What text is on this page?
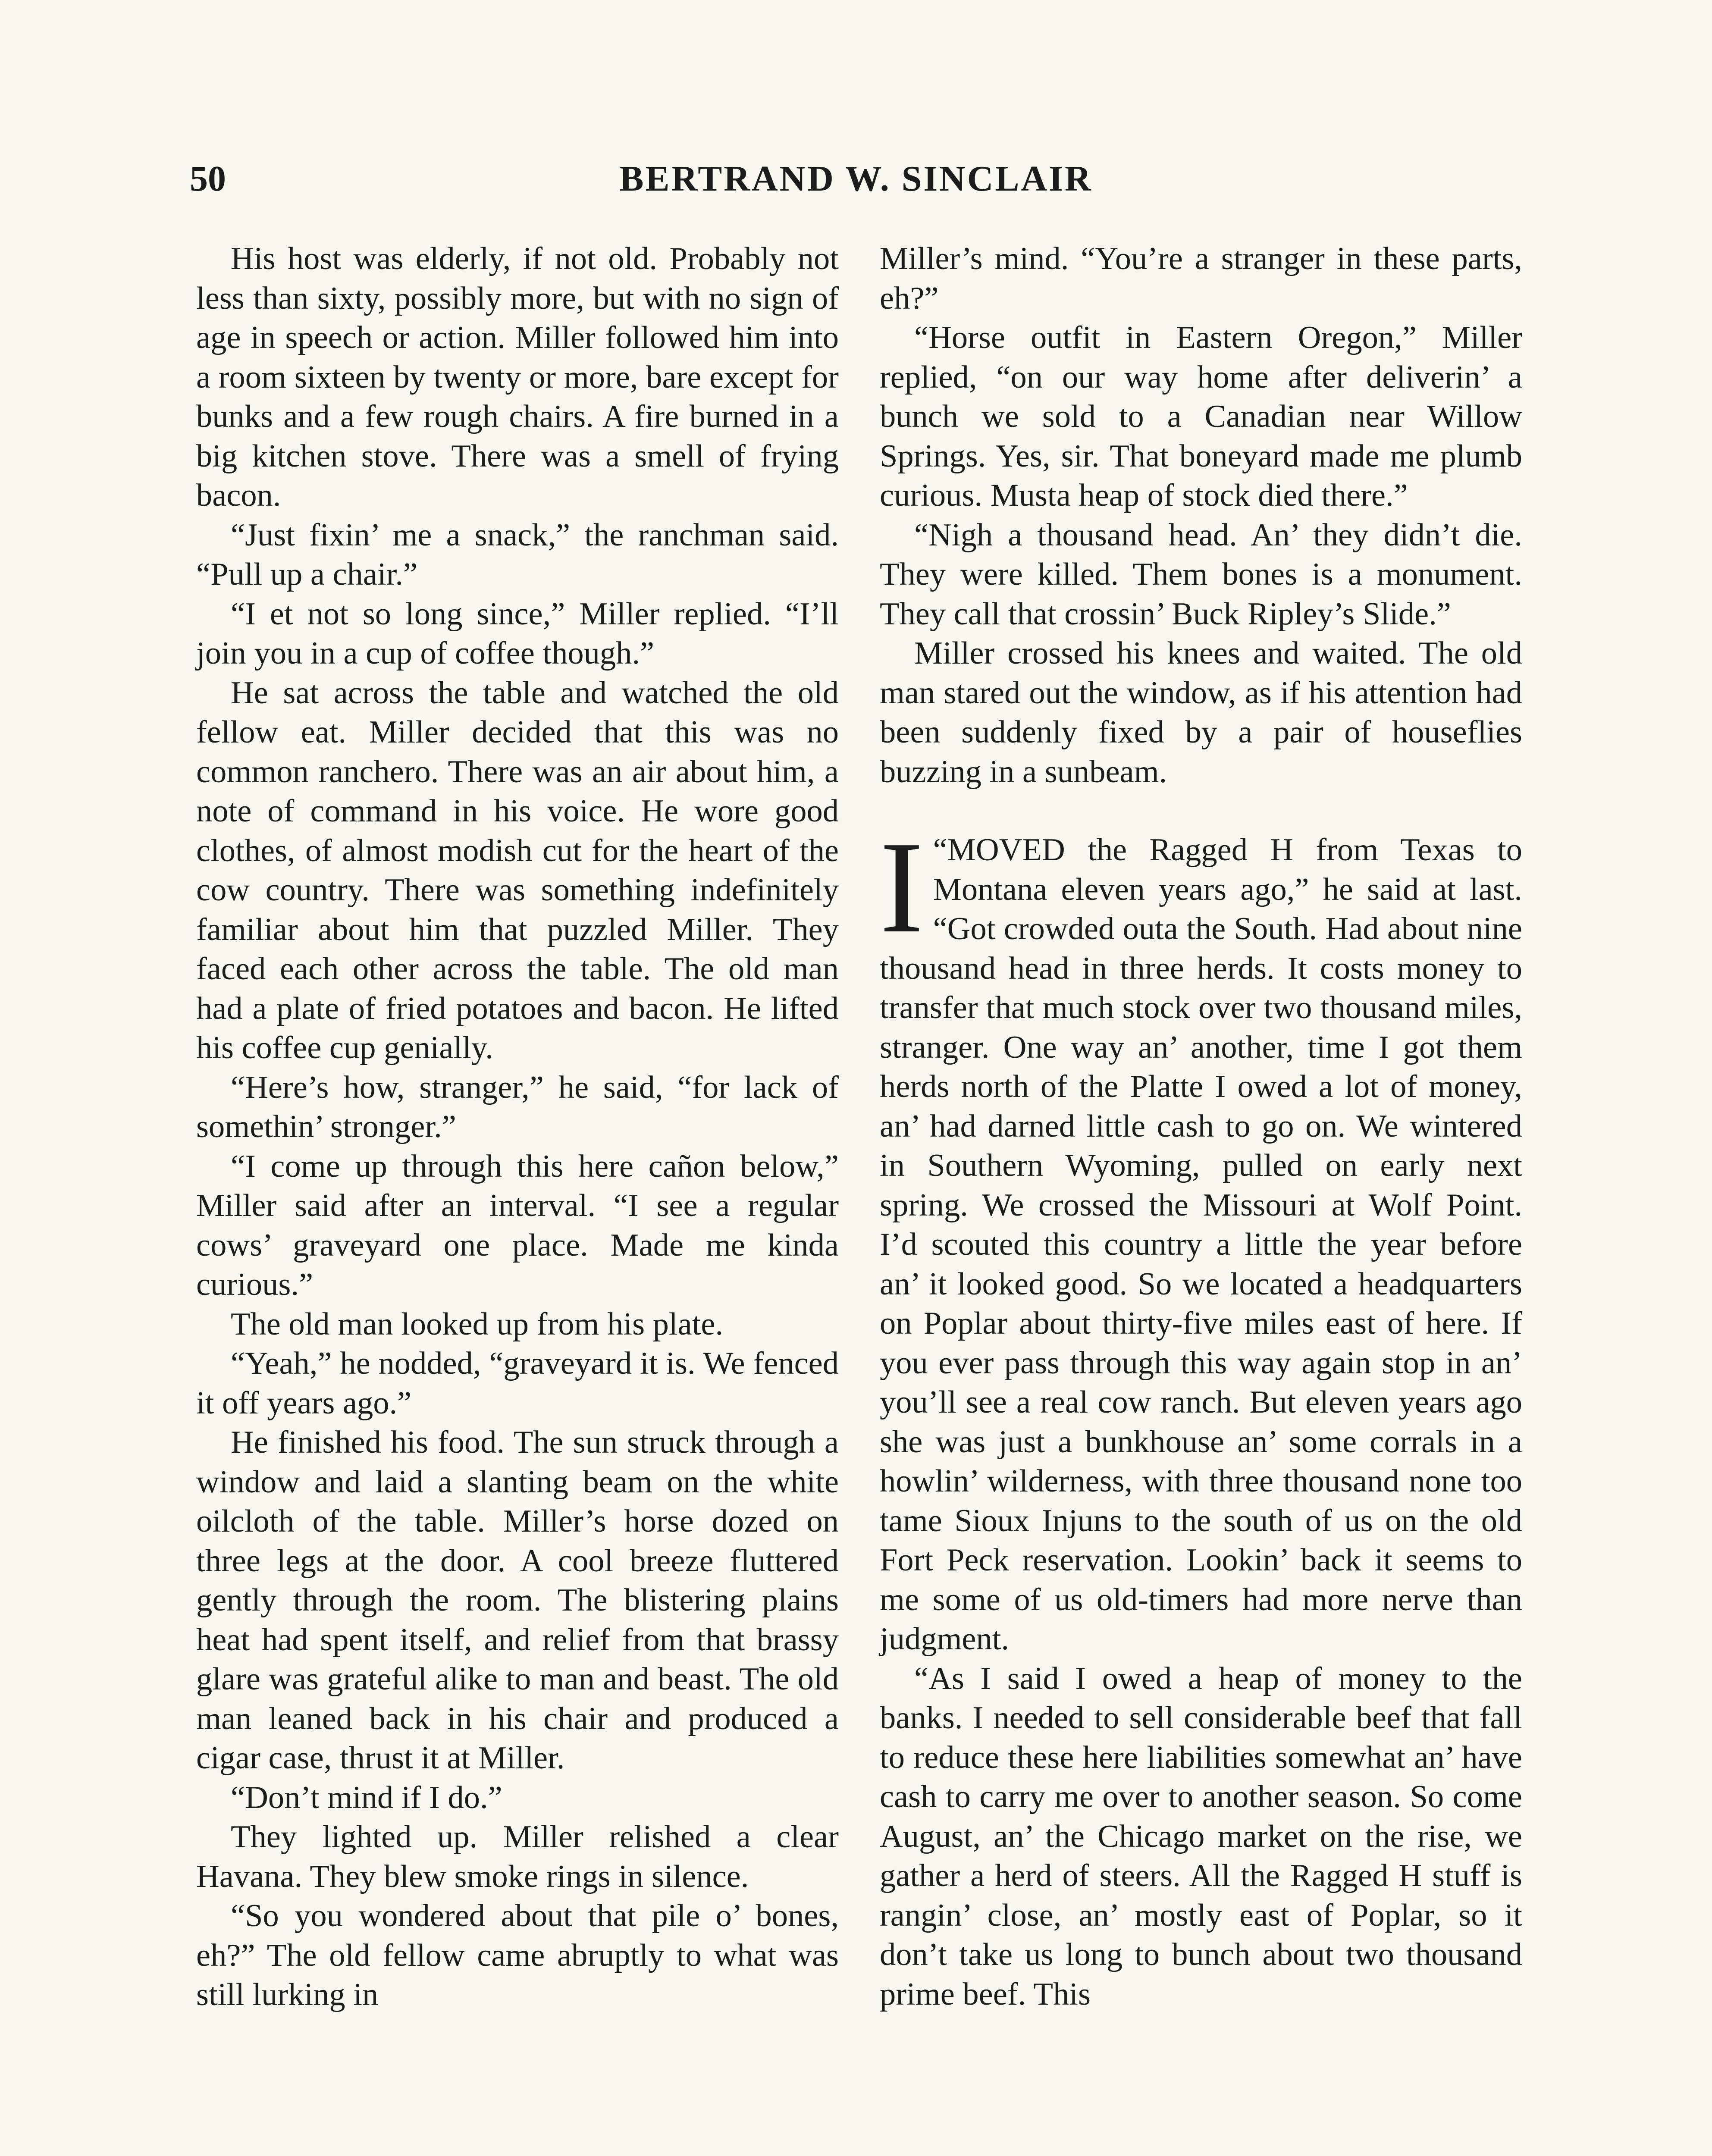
50	BERTRAND W. SINCLAIR

His host was elderly, if not old. Probably not less than sixty, possibly more, but with no sign of age in speech or action. Miller followed him into a room sixteen by twenty or more, bare except for bunks and a few rough chairs. A fire burned in a big kitchen stove. There was a smell of frying bacon.

“Just fixin’ me a snack,” the ranchman said. “Pull up a chair.”

“I et not so long since,” Miller replied. “I’ll join you in a cup of coffee though.”

He sat across the table and watched the old fellow eat. Miller decided that this was no common ranchero. There was an air about him, a note of command in his voice. He wore good clothes, of almost modish cut for the heart of the cow country. There was something indefinitely familiar about him that puzzled Miller. They faced each other across the table. The old man had a plate of fried potatoes and bacon. He lifted his coffee cup genially.

“Here’s how, stranger,” he said, “for lack of somethin’ stronger.”

“I come up through this here cañon below,” Miller said after an interval. “I see a regular cows’ graveyard one place. Made me kinda curious.”

The old man looked up from his plate.

“Yeah,” he nodded, “graveyard it is. We fenced it off years ago.”

He finished his food. The sun struck through a window and laid a slanting beam on the white oilcloth of the table. Miller’s horse dozed on three legs at the door. A cool breeze fluttered gently through the room. The blistering plains heat had spent itself, and relief from that brassy glare was grateful alike to man and beast. The old man leaned back in his chair and produced a cigar case, thrust it at Miller.

“Don’t mind if I do.”

They lighted up. Miller relished a clear Havana. They blew smoke rings in silence.

“So you wondered about that pile o’ bones, eh?” The old fellow came abruptly to what was still lurking in

Miller’s mind. “You’re a stranger in these parts, eh?”

“Horse outfit in Eastern Oregon,” Miller replied, “on our way home after deliverin’ a bunch we sold to a Canadian near Willow Springs. Yes, sir. That boneyard made me plumb curious. Musta heap of stock died there.”

“Nigh a thousand head. An’ they didn’t die. They were killed. Them bones is a monument. They call that crossin’ Buck Ripley’s Slide.”

Miller crossed his knees and waited. The old man stared out the window, as if his attention had been suddenly fixed by a pair of houseflies buzzing in a sunbeam.

“
I MOVED the Ragged H from Texas to Montana eleven years ago,” he said at last. “Got crowded outa the South. Had about nine thousand head in three herds. It costs money to transfer that much stock over two thousand miles, stranger. One way an’ another, time I got them herds north of the Platte I owed a lot of money, an’ had darned little cash to go on. We wintered in Southern Wyoming, pulled on early next spring. We crossed the Missouri at Wolf Point. I’d scouted this country a little the year before an’ it looked good. So we located a headquarters on Poplar about thirty-five miles east of here. If you ever pass through this way again stop in an’ you’ll see a real cow ranch. But eleven years ago she was just a bunkhouse an’ some corrals in a howlin’ wilderness, with three thousand none too tame Sioux Injuns to the south of us on the old Fort Peck reservation. Lookin’ back it seems to me some of us old-timers had more nerve than judgment.

“As I said I owed a heap of money to the banks. I needed to sell considerable beef that fall to reduce these here liabilities somewhat an’ have cash to carry me over to another season. So come August, an’ the Chicago market on the rise, we gather a herd of steers. All the Ragged H stuff is rangin’ close, an’ mostly east of Poplar, so it don’t take us long to bunch about two thousand prime beef. This
